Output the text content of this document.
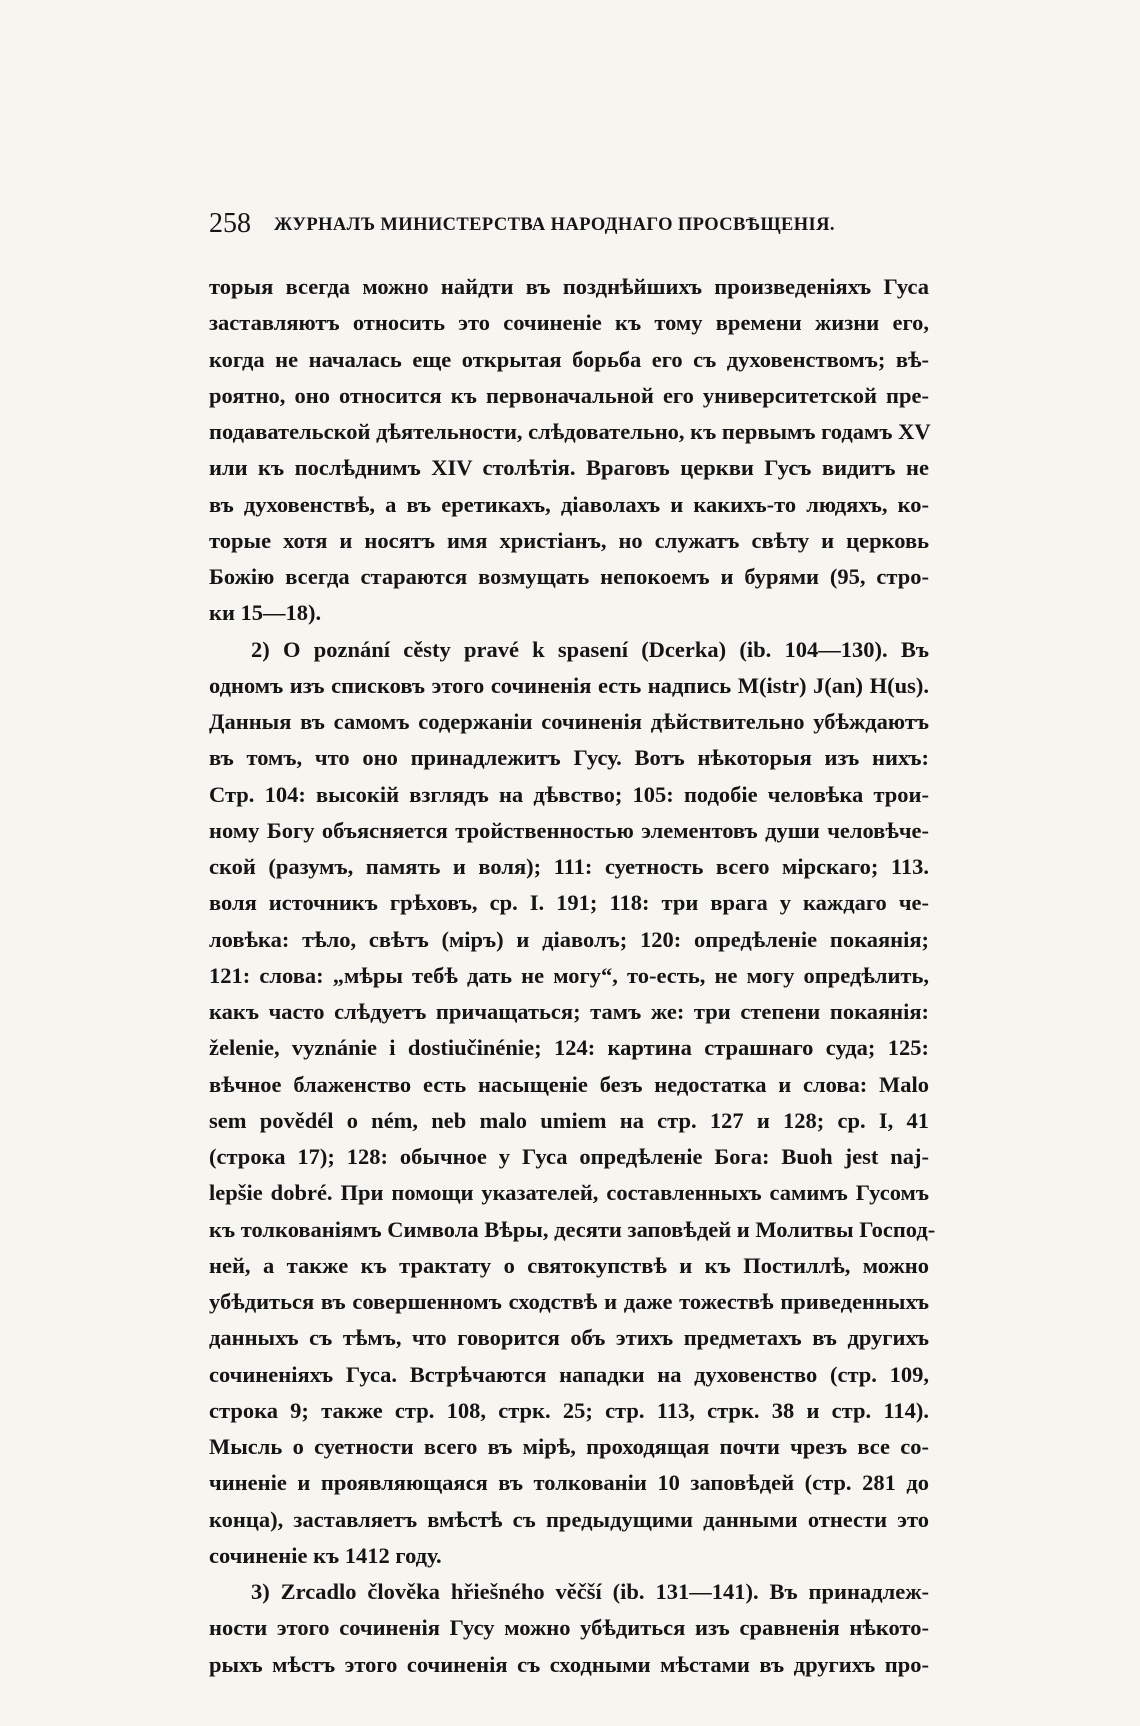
258 ЖУРНАЛЪ МИНИСТЕРСТВА НАРОДНАГО ПРОСВѢЩЕНІЯ.
торыя всегда можно найдти въ позднѣйшихъ произведеніяхъ Гуса
заставляютъ относить это сочиненіе къ тому времени жизни его,
когда не началась еще открытая борьба его съ духовенствомъ; вѣ-
роятно, оно относится къ первоначальной его университетской пре-
подавательской дѣятельности, слѣдовательно, къ первымъ годамъ XV
или къ послѣднимъ XIV столѣтія. Враговъ церкви Гусъ видитъ не
въ духовенствѣ, а въ еретикахъ, діаволахъ и какихъ-то людяхъ, ко-
торые хотя и носятъ имя христіанъ, но служатъ свѣту и церковь
Божію всегда стараются возмущать непокоемъ и бурями (95, стро-
ки 15—18).
2) O poznání cěsty pravé k spasení (Dcerka) (ib. 104—130). Въ
одномъ изъ списковъ этого сочиненія есть надпись M(istr) J(an) H(us).
Данныя въ самомъ содержаніи сочиненія дѣйствительно убѣждаютъ
въ томъ, что оно принадлежитъ Гусу. Вотъ нѣкоторыя изъ нихъ:
Стр. 104: высокій взглядъ на дѣвство; 105: подобіе человѣка трои-
ному Богу объясняется тройственностью элементовъ души человѣче-
ской (разумъ, память и воля); 111: суетность всего мірскаго; 113.
воля источникъ грѣховъ, ср. I. 191; 118: три врага у каждаго че-
ловѣка: тѣло, свѣтъ (міръ) и діаволъ; 120: опредѣленіе покаянія;
121: слова: „мѣры тебѣ дать не могу“, то-есть, не могу опредѣлить,
какъ часто слѣдуетъ причащаться; тамъ же: три степени покаянія:
želenie, vyznánie i dostiučinénie; 124: картина страшнаго суда; 125:
вѣчное блаженство есть насыщеніе безъ недостатка и слова: Malo
sem povědél o ném, neb malo umiem на стр. 127 и 128; ср. I, 41
(строка 17); 128: обычное у Гуса опредѣленіе Бога: Buoh jest naj-
lepšie dobré. При помощи указателей, составленныхъ самимъ Гусомъ
къ толкованіямъ Символа Вѣры, десяти заповѣдей и Молитвы Господ-
ней, а также къ трактату о святокупствѣ и къ Постиллѣ, можно
убѣдиться въ совершенномъ сходствѣ и даже тожествѣ приведенныхъ
данныхъ съ тѣмъ, что говорится объ этихъ предметахъ въ другихъ
сочиненіяхъ Гуса. Встрѣчаются нападки на духовенство (стр. 109,
строка 9; также стр. 108, стрк. 25; стр. 113, стрк. 38 и стр. 114).
Мысль о суетности всего въ мірѣ, проходящая почти чрезъ все со-
чиненіе и проявляющаяся въ толкованіи 10 заповѣдей (стр. 281 до
конца), заставляетъ вмѣстѣ съ предыдущими данными отнести это
сочиненіе къ 1412 году.
3) Zrcadlo člověka hřiešného věčší (ib. 131—141). Въ принадлеж-
ности этого сочиненія Гусу можно убѣдиться изъ сравненія нѣкото-
рыхъ мѣстъ этого сочиненія съ сходными мѣстами въ другихъ про-
